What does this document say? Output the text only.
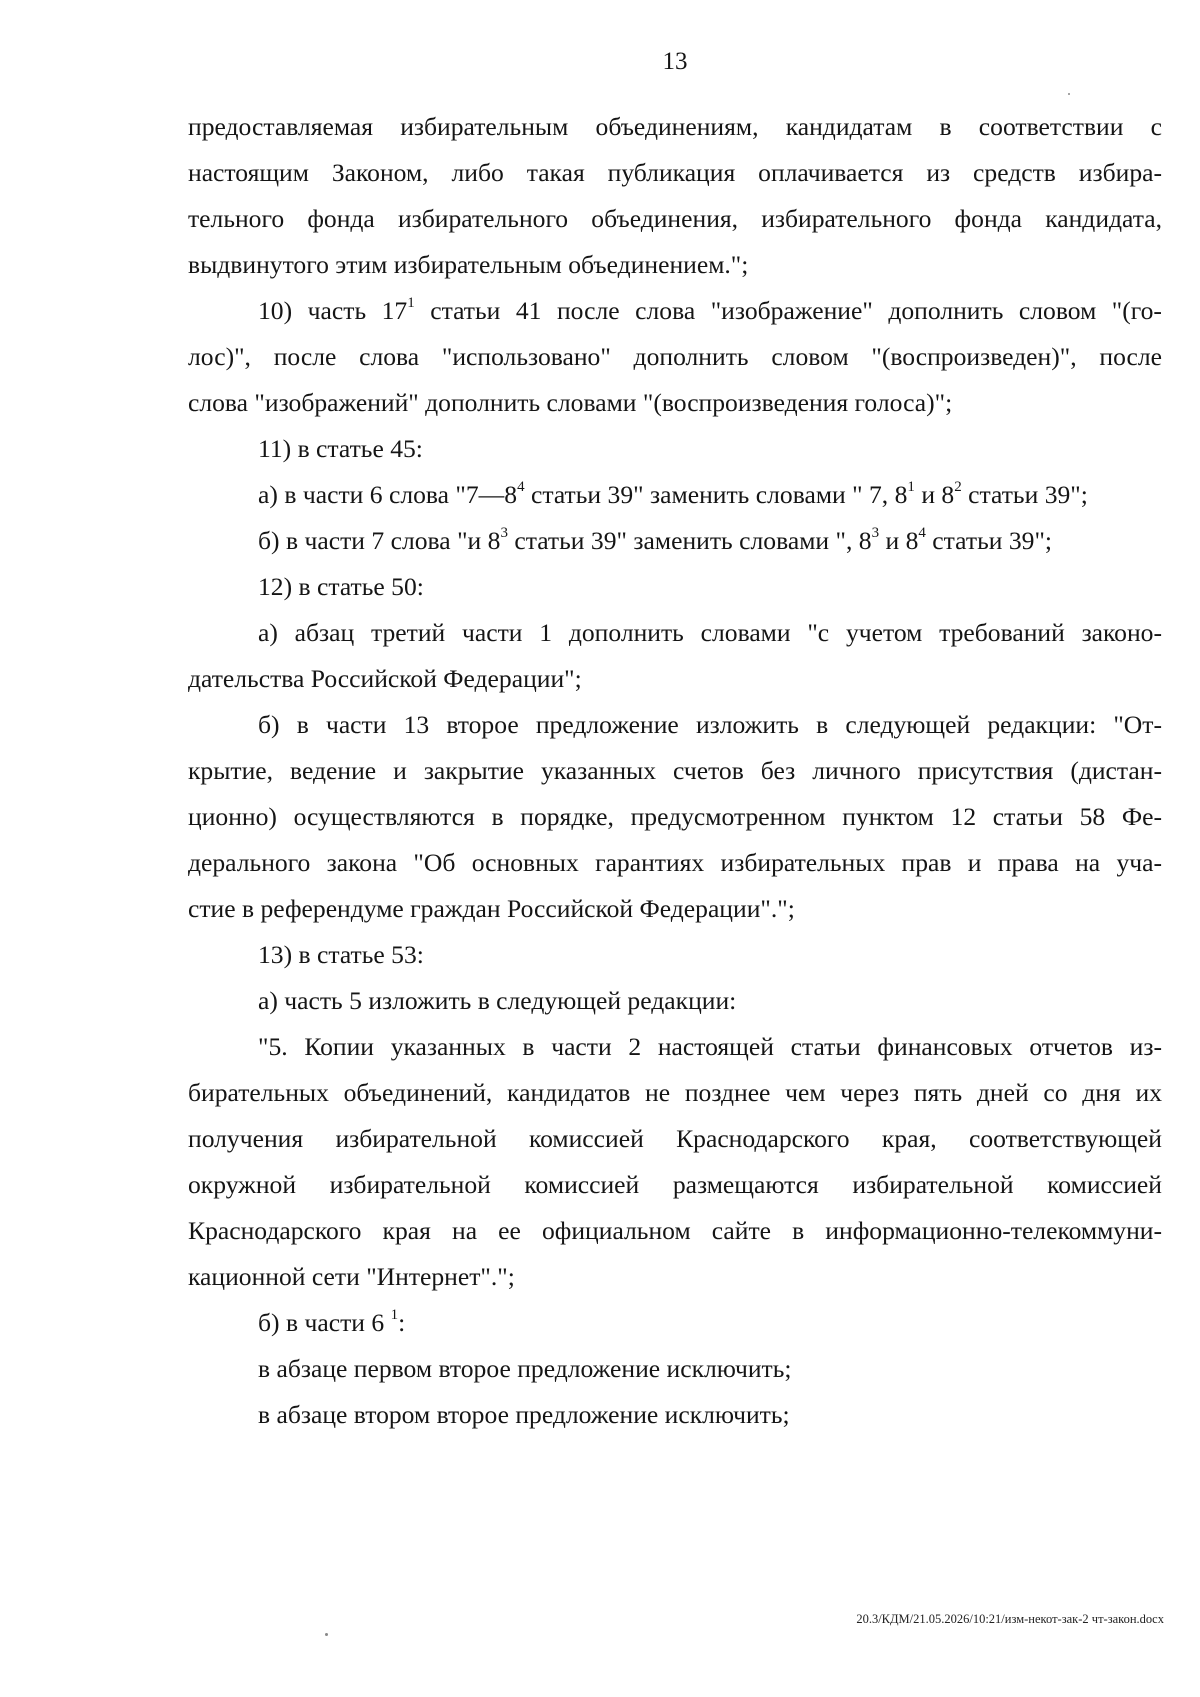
13
предоставляемая избирательным объединениям, кандидатам в соответствии с
настоящим Законом, либо такая публикация оплачивается из средств избира-
тельного фонда избирательного объединения, избирательного фонда кандидата,
выдвинутого этим избирательным объединением.";
10) часть $17^1$ статьи 41 после слова "изображение" дополнить словом "(го-
лос)", после слова "использовано" дополнить словом "(воспроизведен)", после
слова "изображений" дополнить словами "(воспроизведения голоса)";
11) в статье 45:
а) в части 6 слова "$7—8^4$ статьи 39" заменить словами " 7, $8^1$ и $8^2$ статьи 39";
б) в части 7 слова "и $8^3$ статьи 39" заменить словами ", $8^3$ и $8^4$ статьи 39";
12) в статье 50:
а) абзац третий части 1 дополнить словами "с учетом требований законо-
дательства Российской Федерации";
б) в части 13 второе предложение изложить в следующей редакции: "От-
крытие, ведение и закрытие указанных счетов без личного присутствия (дистан-
ционно) осуществляются в порядке, предусмотренном пунктом 12 статьи 58 Фе-
дерального закона "Об основных гарантиях избирательных прав и права на уча-
стие в референдуме граждан Российской Федерации".";
13) в статье 53:
а) часть 5 изложить в следующей редакции:
"5. Копии указанных в части 2 настоящей статьи финансовых отчетов из-
бирательных объединений, кандидатов не позднее чем через пять дней со дня их
получения избирательной комиссией Краснодарского края, соответствующей
окружной избирательной комиссией размещаются избирательной комиссией
Краснодарского края на ее официальном сайте в информационно-телекоммуни-
кационной сети "Интернет".";
б) в части 6 $^1$:
в абзаце первом второе предложение исключить;
в абзаце втором второе предложение исключить;
20.3/КДМ/21.05.2026/10:21/изм-некот-зак-2 чт-закон.docx
